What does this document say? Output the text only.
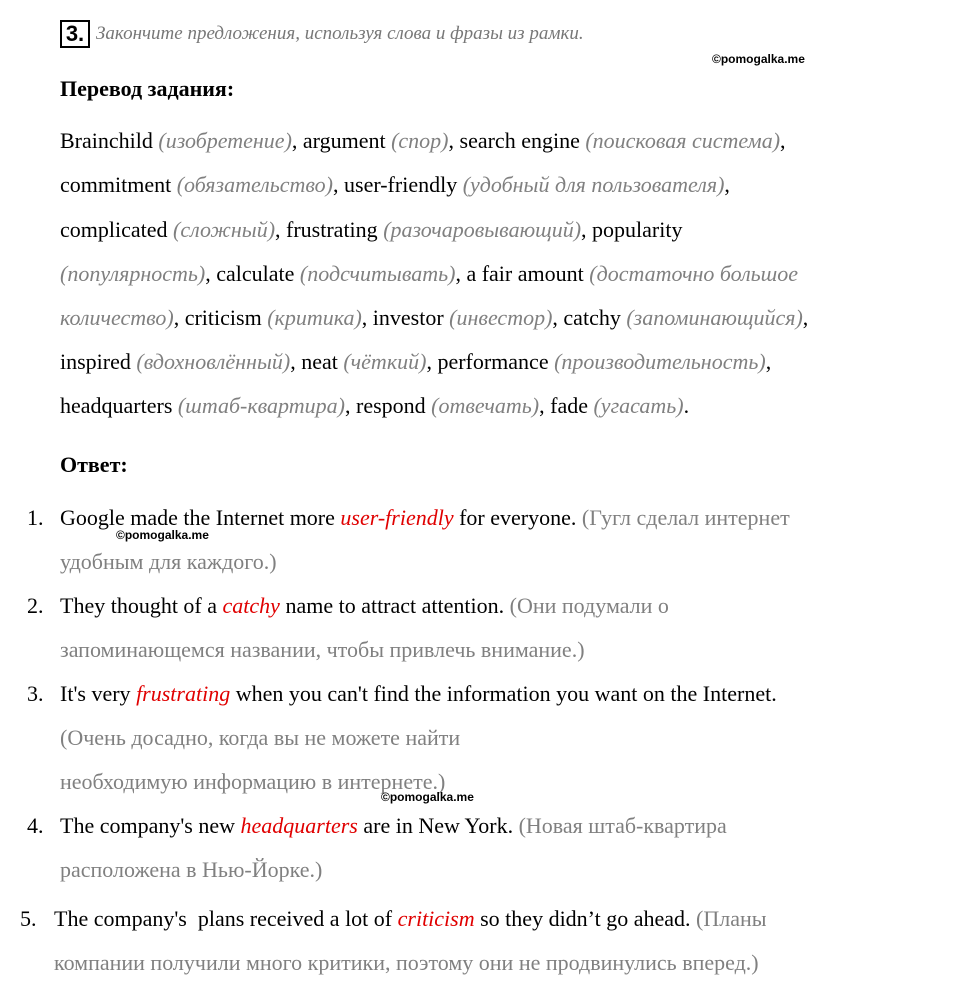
3. Закончите предложения, используя слова и фразы из рамки.
©pomogalka.me
Перевод задания:
Brainchild (изобретение), argument (спор), search engine (поисковая система),
commitment (обязательство), user-friendly (удобный для пользователя),
complicated (сложный), frustrating (разочаровывающий), popularity
(популярность), calculate (подсчитывать), a fair amount (достаточно большое
количество), criticism (критика), investor (инвестор), catchy (запоминающийся),
inspired (вдохновлённый), neat (чёткий), performance (производительность),
headquarters (штаб-квартира), respond (отвечать), fade (угасать).
Ответ:
1. Google made the Internet more user-friendly for everyone. (Гугл сделал интернет
удобным для каждого.)
©pomogalka.me
2. They thought of a catchy name to attract attention. (Они подумали о
запоминающемся названии, чтобы привлечь внимание.)
3. It's very frustrating when you can't find the information you want on the Internet.
(Очень досадно, когда вы не можете найти
необходимую информацию в интернете.)
©pomogalka.me
4. The company's new headquarters are in New York. (Новая штаб-квартира
расположена в Нью-Йорке.)
5. The company's  plans received a lot of criticism so they didn’t go ahead. (Планы
компании получили много критики, поэтому они не продвинулись вперед.)
